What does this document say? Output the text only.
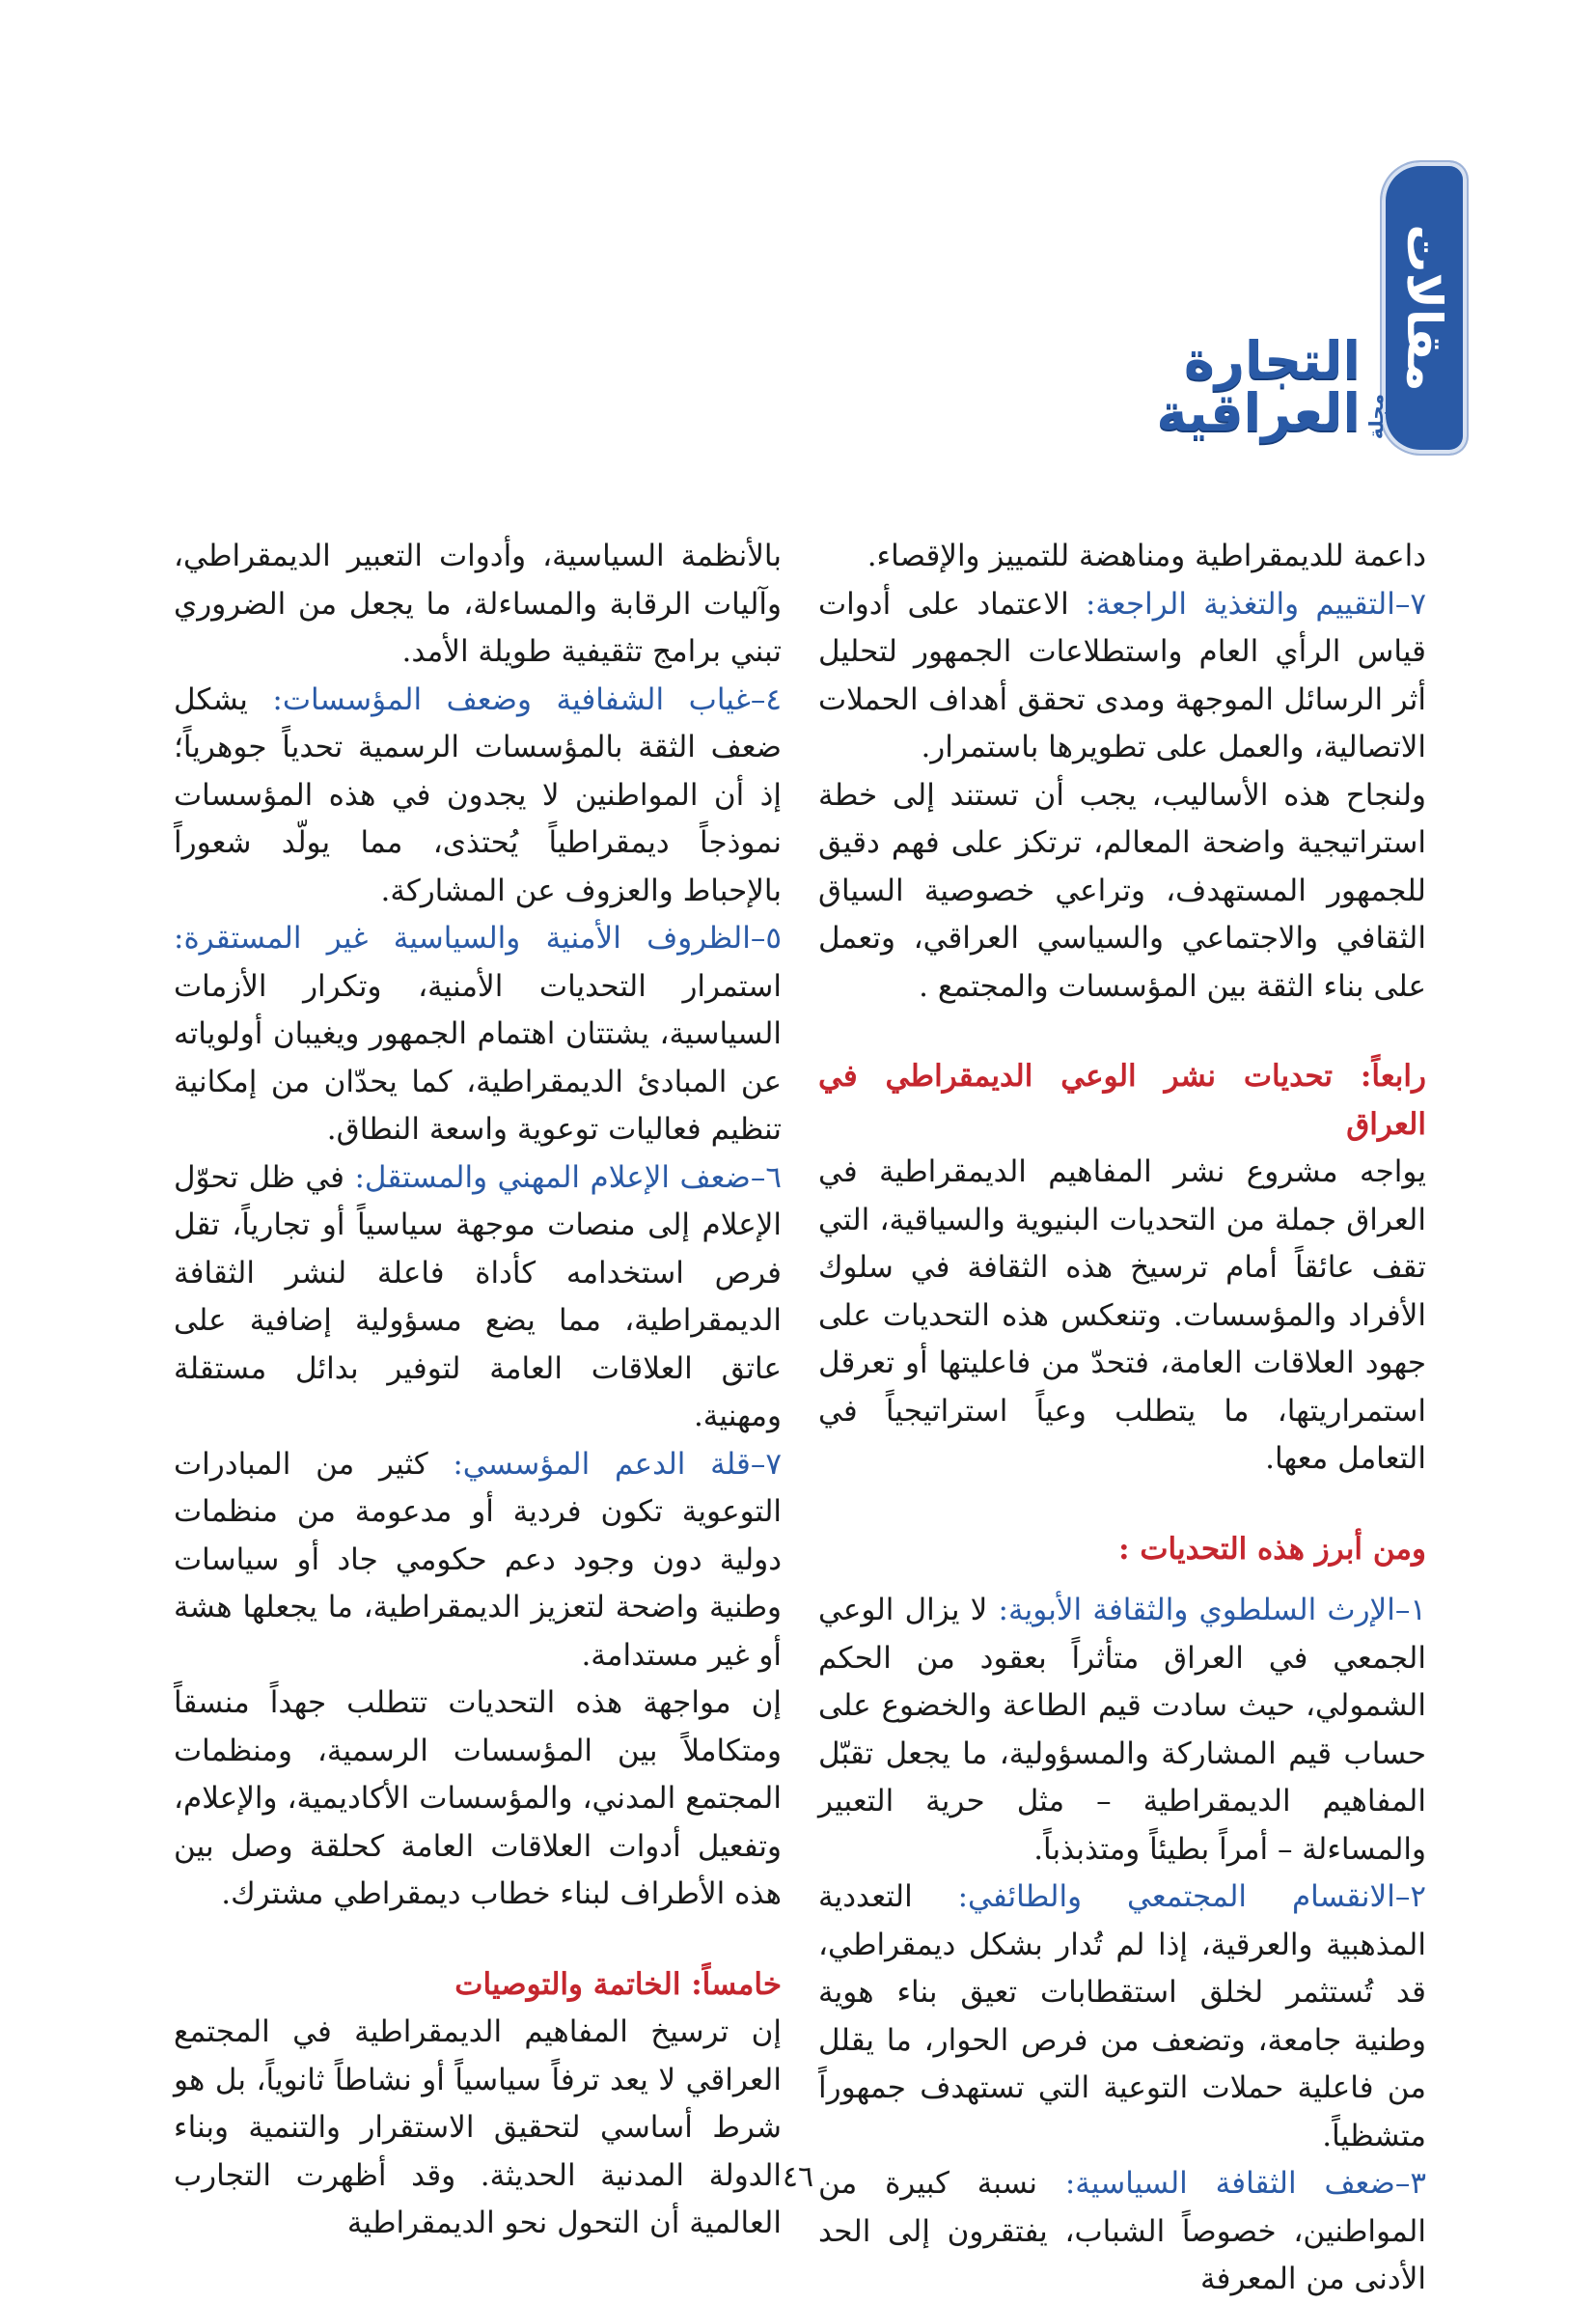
مقالات
مجلة
التجارة العراقية

داعمة للديمقراطية ومناهضة للتمييز والإقصاء.

٧–التقييم والتغذية الراجعة: الاعتماد على أدوات قياس الرأي العام واستطلاعات الجمهور لتحليل أثر الرسائل الموجهة ومدى تحقق أهداف الحملات الاتصالية، والعمل على تطويرها باستمرار.

ولنجاح هذه الأساليب، يجب أن تستند إلى خطة استراتيجية واضحة المعالم، ترتكز على فهم دقيق للجمهور المستهدف، وتراعي خصوصية السياق الثقافي والاجتماعي والسياسي العراقي، وتعمل على بناء الثقة بين المؤسسات والمجتمع .

رابعاً: تحديات نشر الوعي الديمقراطي في العراق

يواجه مشروع نشر المفاهيم الديمقراطية في العراق جملة من التحديات البنيوية والسياقية، التي تقف عائقاً أمام ترسيخ هذه الثقافة في سلوك الأفراد والمؤسسات. وتنعكس هذه التحديات على جهود العلاقات العامة، فتحدّ من فاعليتها أو تعرقل استمراريتها، ما يتطلب وعياً استراتيجياً في التعامل معها.

ومن أبرز هذه التحديات :

١–الإرث السلطوي والثقافة الأبوية: لا يزال الوعي الجمعي في العراق متأثراً بعقود من الحكم الشمولي، حيث سادت قيم الطاعة والخضوع على حساب قيم المشاركة والمسؤولية، ما يجعل تقبّل المفاهيم الديمقراطية – مثل حرية التعبير والمساءلة – أمراً بطيئاً ومتذبذباً.

٢–الانقسام المجتمعي والطائفي: التعددية المذهبية والعرقية، إذا لم تُدار بشكل ديمقراطي، قد تُستثمر لخلق استقطابات تعيق بناء هوية وطنية جامعة، وتضعف من فرص الحوار، ما يقلل من فاعلية حملات التوعية التي تستهدف جمهوراً متشظياً.

٣–ضعف الثقافة السياسية: نسبة كبيرة من المواطنين، خصوصاً الشباب، يفتقرون إلى الحد الأدنى من المعرفة

بالأنظمة السياسية، وأدوات التعبير الديمقراطي، وآليات الرقابة والمساءلة، ما يجعل من الضروري تبني برامج تثقيفية طويلة الأمد.

٤–غياب الشفافية وضعف المؤسسات: يشكل ضعف الثقة بالمؤسسات الرسمية تحدياً جوهرياً؛ إذ أن المواطنين لا يجدون في هذه المؤسسات نموذجاً ديمقراطياً يُحتذى، مما يولّد شعوراً بالإحباط والعزوف عن المشاركة.

٥–الظروف الأمنية والسياسية غير المستقرة: استمرار التحديات الأمنية، وتكرار الأزمات السياسية، يشتتان اهتمام الجمهور ويغيبان أولوياته عن المبادئ الديمقراطية، كما يحدّان من إمكانية تنظيم فعاليات توعوية واسعة النطاق.

٦–ضعف الإعلام المهني والمستقل: في ظل تحوّل الإعلام إلى منصات موجهة سياسياً أو تجارياً، تقل فرص استخدامه كأداة فاعلة لنشر الثقافة الديمقراطية، مما يضع مسؤولية إضافية على عاتق العلاقات العامة لتوفير بدائل مستقلة ومهنية.

٧–قلة الدعم المؤسسي: كثير من المبادرات التوعوية تكون فردية أو مدعومة من منظمات دولية دون وجود دعم حكومي جاد أو سياسات وطنية واضحة لتعزيز الديمقراطية، ما يجعلها هشة أو غير مستدامة.

إن مواجهة هذه التحديات تتطلب جهداً منسقاً ومتكاملاً بين المؤسسات الرسمية، ومنظمات المجتمع المدني، والمؤسسات الأكاديمية، والإعلام، وتفعيل أدوات العلاقات العامة كحلقة وصل بين هذه الأطراف لبناء خطاب ديمقراطي مشترك.

خامساً: الخاتمة والتوصيات

إن ترسيخ المفاهيم الديمقراطية في المجتمع العراقي لا يعد ترفاً سياسياً أو نشاطاً ثانوياً، بل هو شرط أساسي لتحقيق الاستقرار والتنمية وبناء الدولة المدنية الحديثة. وقد أظهرت التجارب العالمية أن التحول نحو الديمقراطية

٤٦
